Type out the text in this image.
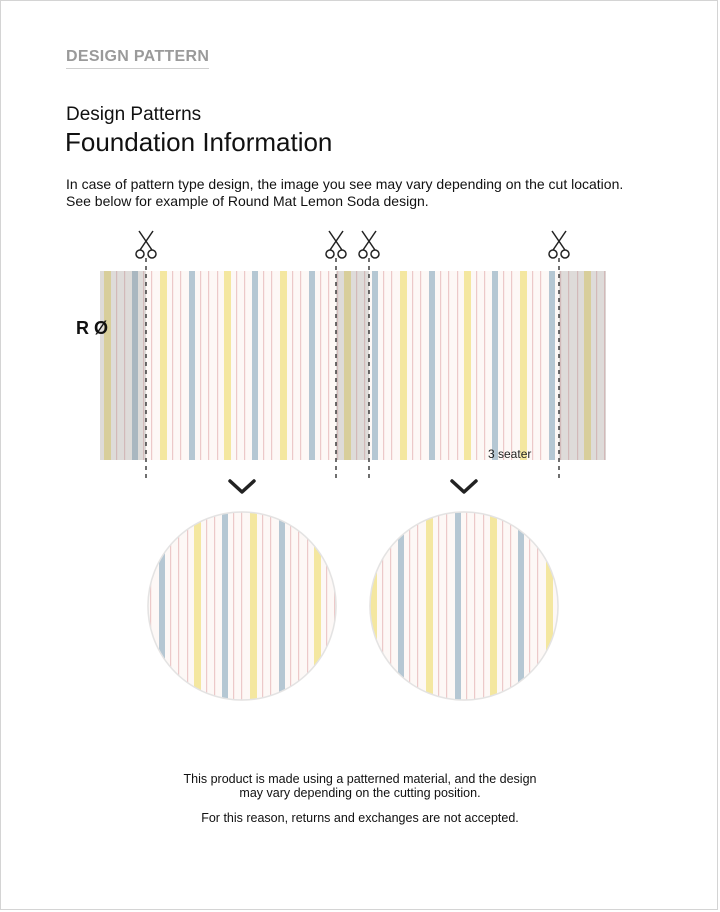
DESIGN PATTERN
Design Patterns
Foundation Information
In case of pattern type design, the image you see may vary depending on the cut location.
See below for example of Round Mat Lemon Soda design.
R Ø
3 seater
This product is made using a patterned material, and the design
may vary depending on the cutting position.
For this reason, returns and exchanges are not accepted.
